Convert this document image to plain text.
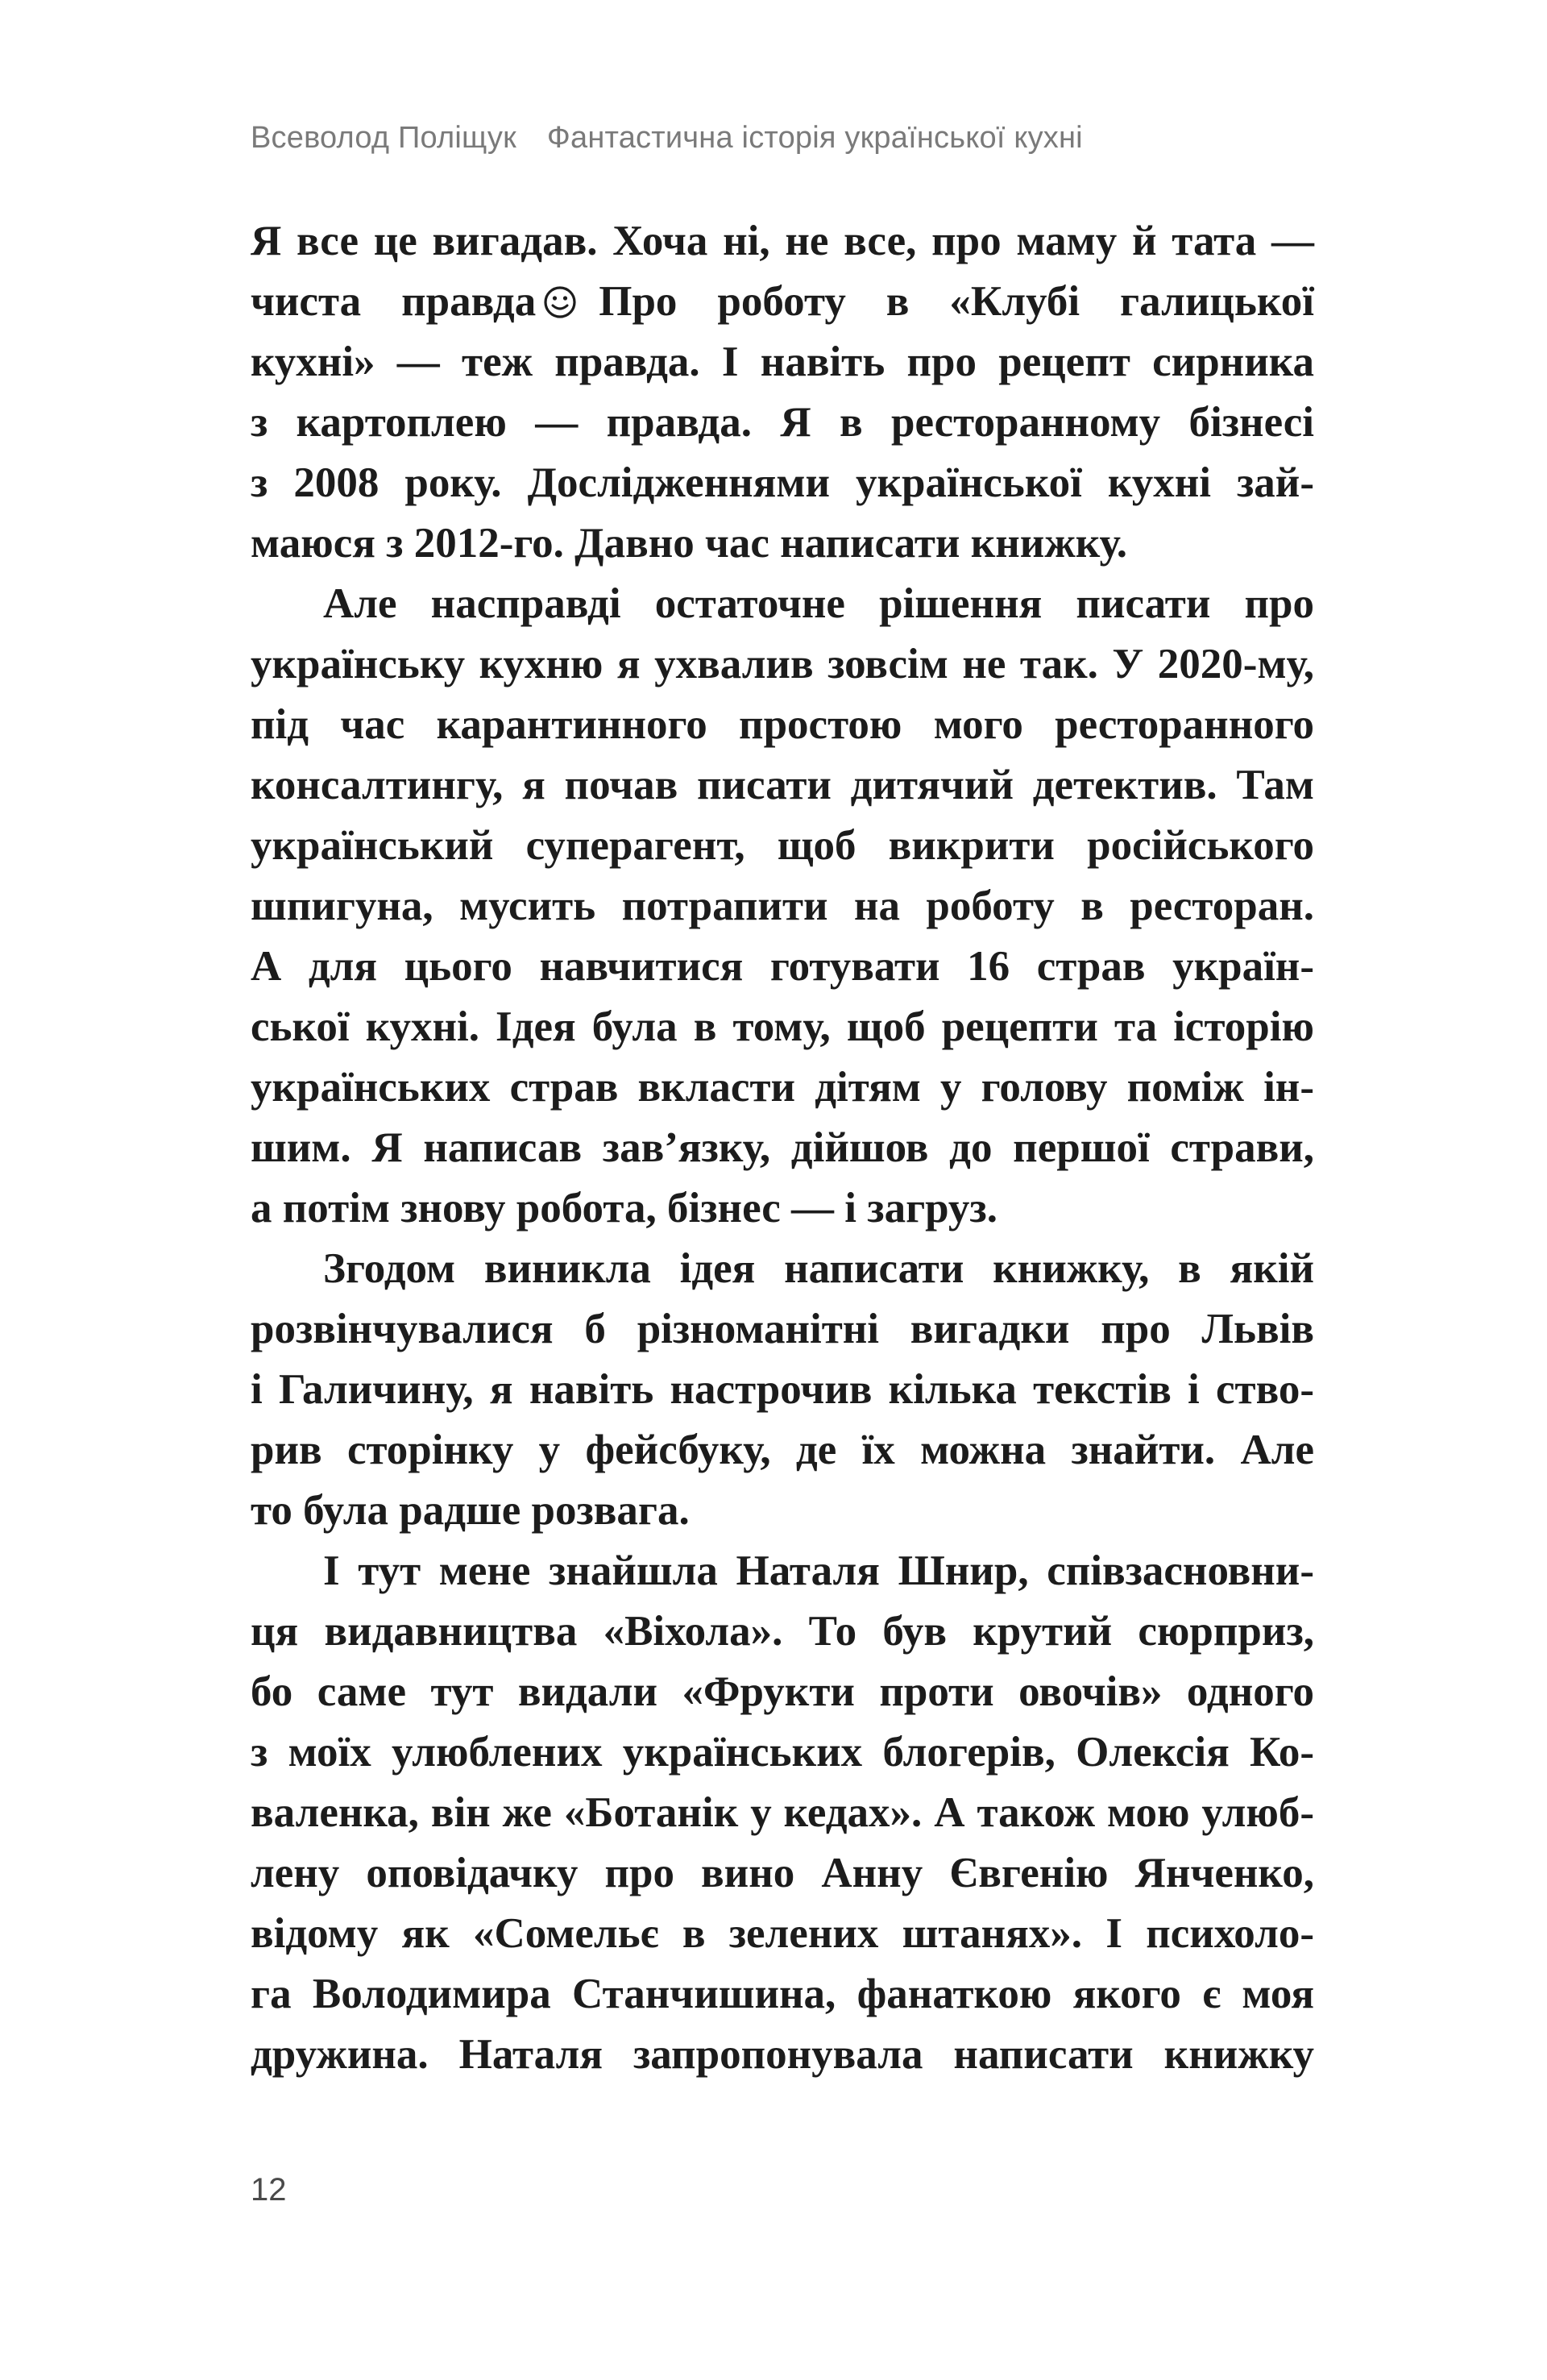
Всеволод Поліщук Фантастична історія української кухні
Я все це вигадав. Хоча ні, не все, про маму й тата —
чиста правда Про роботу в «Клубі галицької
кухні» — теж правда. І навіть про рецепт сирника
з картоплею — правда. Я в ресторанному бізнесі
з 2008 року. Дослідженнями української кухні зай-
маюся з 2012-го. Давно час написати книжку.
Але насправді остаточне рішення писати про
українську кухню я ухвалив зовсім не так. У 2020-му,
під час карантинного простою мого ресторанного
консалтингу, я почав писати дитячий детектив. Там
український суперагент, щоб викрити російського
шпигуна, мусить потрапити на роботу в ресторан.
А для цього навчитися готувати 16 страв україн-
ської кухні. Ідея була в тому, щоб рецепти та історію
українських страв вкласти дітям у голову поміж ін-
шим. Я написав зав’язку, дійшов до першої страви,
а потім знову робота, бізнес — і загруз.
Згодом виникла ідея написати книжку, в якій
розвінчувалися б різноманітні вигадки про Львів
і Галичину, я навіть настрочив кілька текстів і ство-
рив сторінку у фейсбуку, де їх можна знайти. Але
то була радше розвага.
І тут мене знайшла Наталя Шнир, співзасновни-
ця видавництва «Віхола». То був крутий сюрприз,
бо саме тут видали «Фрукти проти овочів» одного
з моїх улюблених українських блогерів, Олексія Ко-
валенка, він же «Ботанік у кедах». А також мою улюб-
лену оповідачку про вино Анну Євгенію Янченко,
відому як «Сомельє в зелених штанях». І психоло-
га Володимира Станчишина, фанаткою якого є моя
дружина. Наталя запропонувала написати книжку
12
